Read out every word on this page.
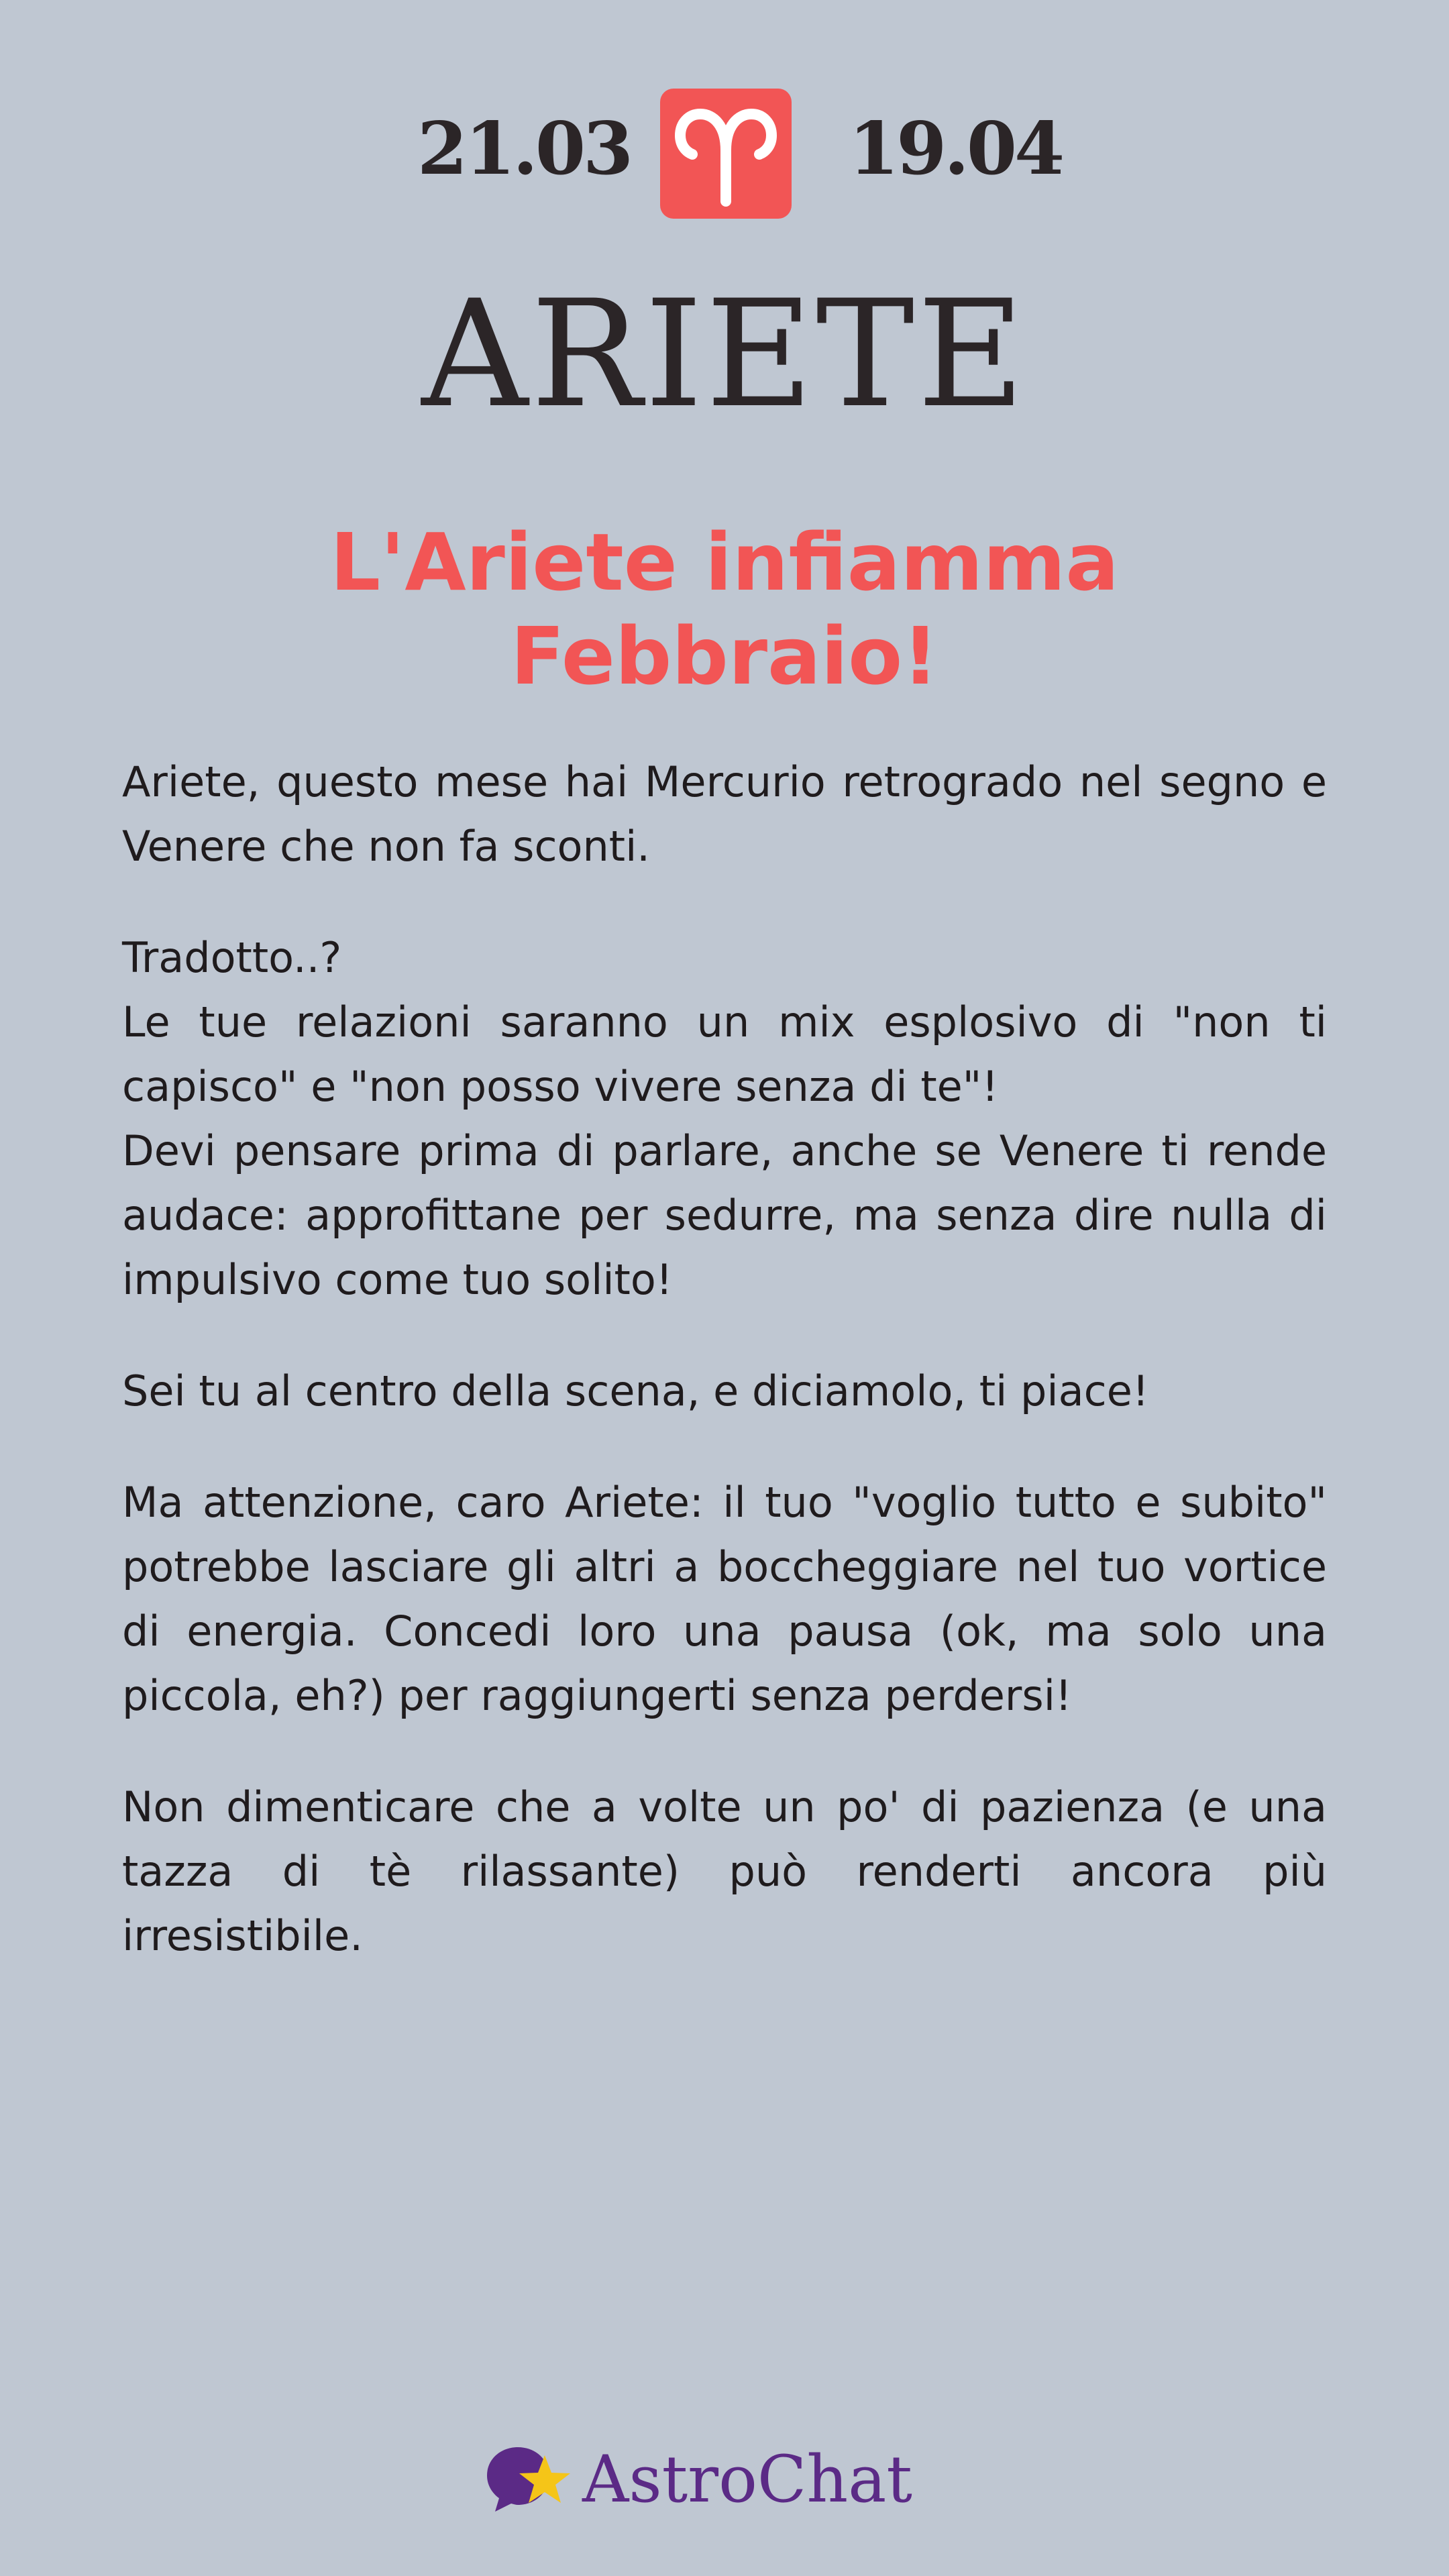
21.03	19.04
ARIETE
L'Ariete infiamma
Febbraio!

Ariete, questo mese hai Mercurio retrogrado nel segno e Venere che non fa sconti.

Tradotto..?
Le tue relazioni saranno un mix esplosivo di "non ti capisco" e "non posso vivere senza di te"!
Devi pensare prima di parlare, anche se Venere ti rende audace: approfittane per sedurre, ma senza dire nulla di impulsivo come tuo solito!

Sei tu al centro della scena, e diciamolo, ti piace!

Ma attenzione, caro Ariete: il tuo "voglio tutto e subito" potrebbe lasciare gli altri a boccheggiare nel tuo vortice di energia. Concedi loro una pausa (ok, ma solo una piccola, eh?) per raggiungerti senza perdersi!

Non dimenticare che a volte un po' di pazienza (e una tazza di tè rilassante) può renderti ancora più irresistibile.

AstroChat
